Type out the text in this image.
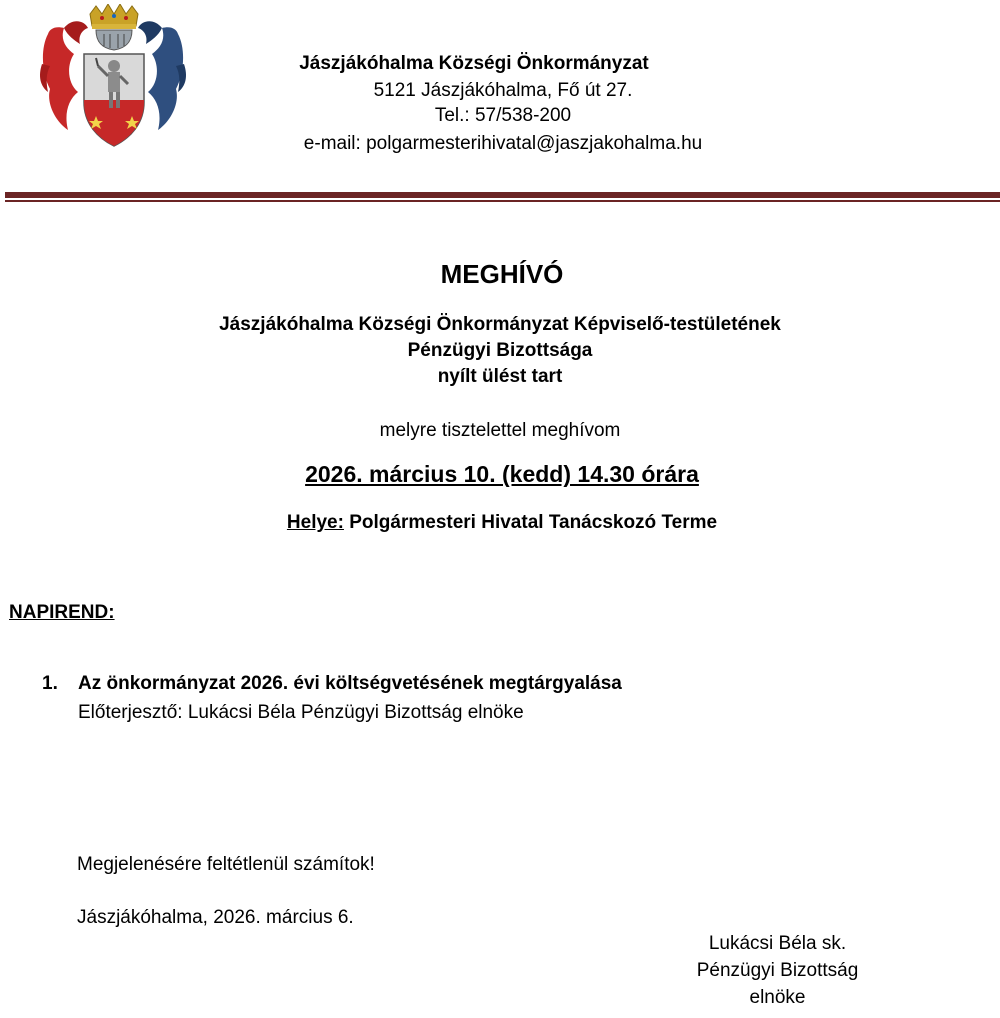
Jászjákóhalma Községi Önkormányzat
5121 Jászjákóhalma, Fő út 27.
Tel.: 57/538-200
e-mail: polgarmesterihivatal@jaszjakohalma.hu
MEGHÍVÓ
Jászjákóhalma Községi Önkormányzat Képviselő-testületének
Pénzügyi Bizottsága
nyílt ülést tart
melyre tisztelettel meghívom
2026. március 10. (kedd) 14.30 órára
Helye: Polgármesteri Hivatal Tanácskozó Terme
NAPIREND:
1. Az önkormányzat 2026. évi költségvetésének megtárgyalása
Előterjesztő: Lukácsi Béla Pénzügyi Bizottság elnöke
Megjelenésére feltétlenül számítok!
Jászjákóhalma, 2026. március 6.
Lukácsi Béla sk.
Pénzügyi Bizottság
elnöke
